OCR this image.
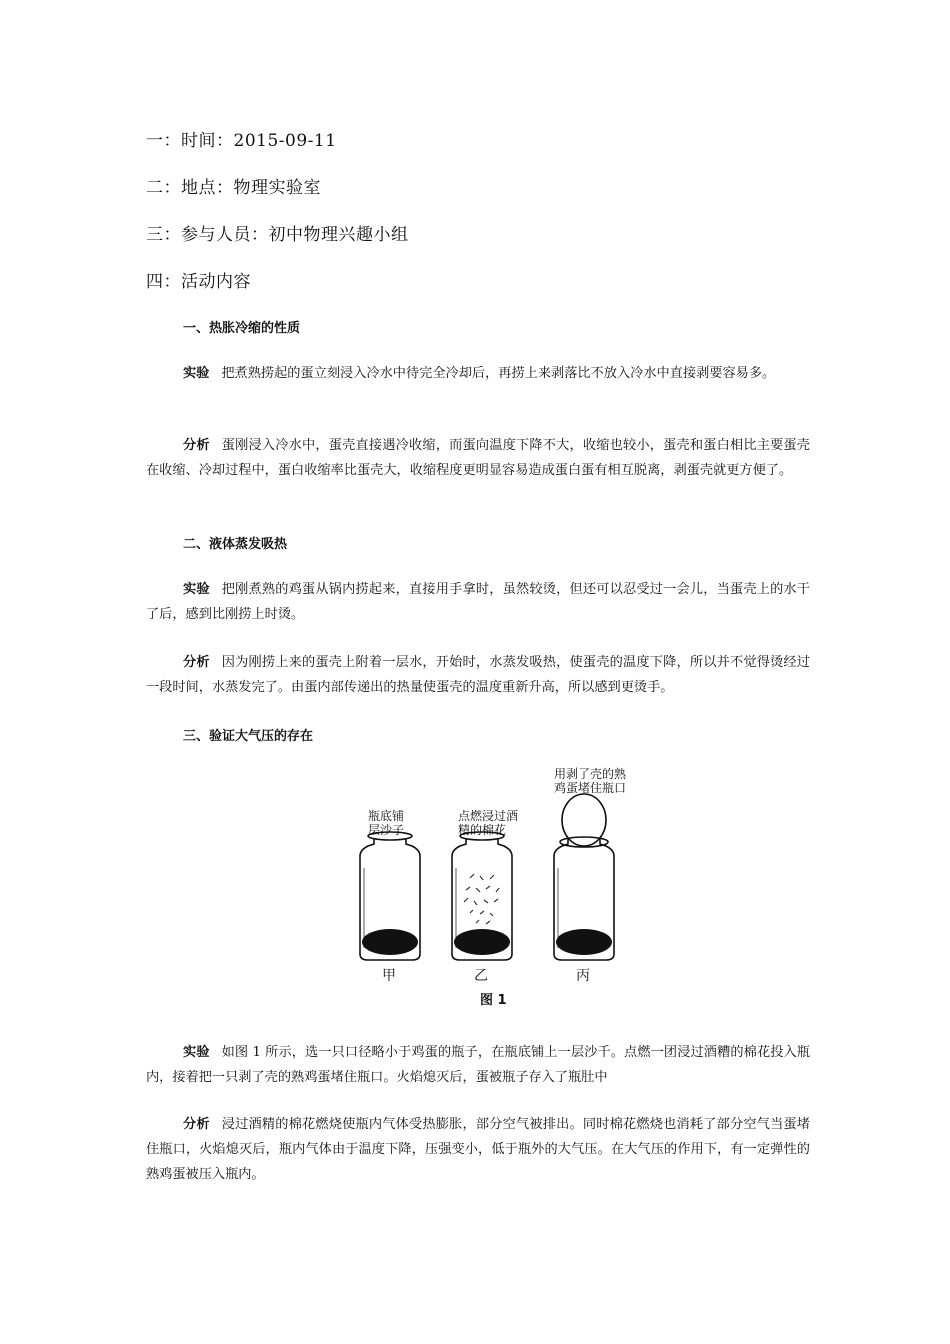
一：时间：2015-09-11
二：地点：物理实验室
三：参与人员：初中物理兴趣小组
四：活动内容
一、热胀冷缩的性质
实验 把煮熟捞起的蛋立刻浸入冷水中待完全冷却后，再捞上来剥落比不放入冷水中直接剥要容易多。
分析 蛋刚浸入冷水中，蛋壳直接遇冷收缩，而蛋向温度下降不大，收缩也较小，蛋壳和蛋白相比主要蛋壳在收缩、冷却过程中，蛋白收缩率比蛋壳大，收缩程度更明显容易造成蛋白蛋有相互脱离，剥蛋壳就更方便了。
二、液体蒸发吸热
实验 把刚煮熟的鸡蛋从锅内捞起来，直接用手拿时，虽然较烫，但还可以忍受过一会儿，当蛋壳上的水干了后，感到比刚捞上时烫。
分析 因为刚捞上来的蛋壳上附着一层水，开始时，水蒸发吸热，使蛋壳的温度下降，所以并不觉得烫经过一段时间，水蒸发完了。由蛋内部传递出的热量使蛋壳的温度重新升高，所以感到更烫手。
三、验证大气压的存在
瓶底铺
层沙子
点燃浸过酒
精的棉花
用剥了壳的熟
鸡蛋堵住瓶口
甲	乙	丙
图 1
实验 如图 1 所示，选一只口径略小于鸡蛋的瓶子，在瓶底铺上一层沙千。点燃一团浸过酒糟的棉花投入瓶内，接着把一只剥了壳的熟鸡蛋堵住瓶口。火焰熄灭后，蛋被瓶子存入了瓶肚中
分析 浸过酒精的棉花燃烧使瓶内气体受热膨胀，部分空气被排出。同时棉花燃烧也消耗了部分空气当蛋堵住瓶口，火焰熄灭后，瓶内气体由于温度下降，压强变小，低于瓶外的大气压。在大气压的作用下，有一定弹性的熟鸡蛋被压入瓶内。
